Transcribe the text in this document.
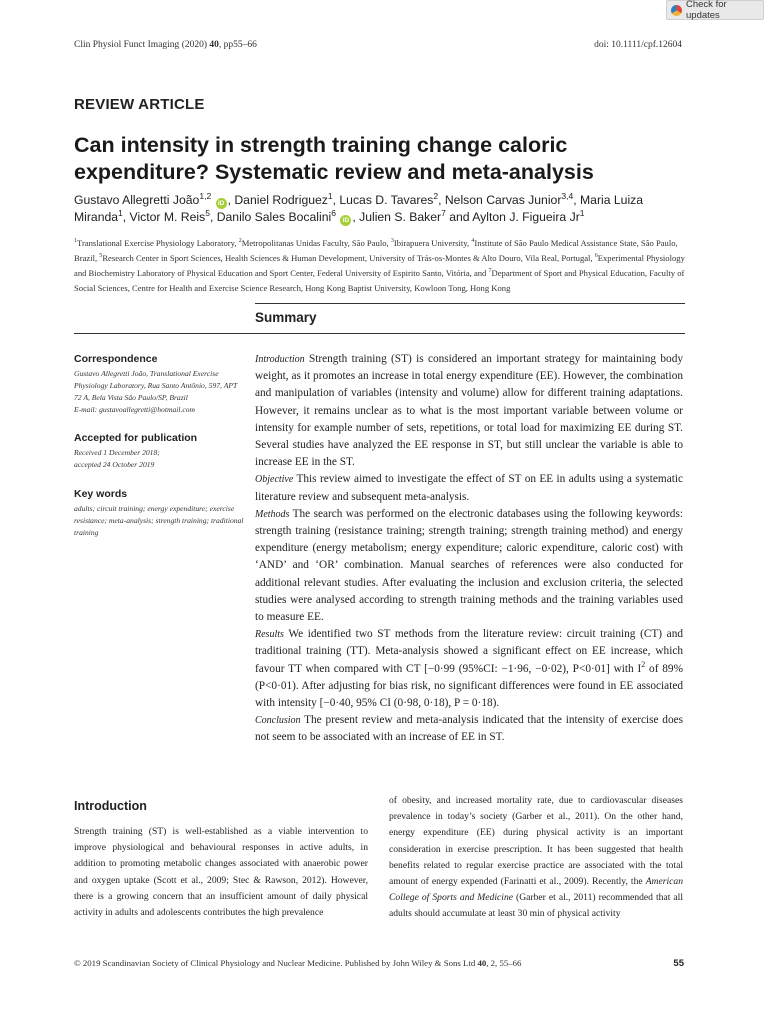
Check for updates
Clin Physiol Funct Imaging (2020) 40, pp55–66	doi: 10.1111/cpf.12604
REVIEW ARTICLE
Can intensity in strength training change caloric expenditure? Systematic review and meta-analysis
Gustavo Allegretti João$^{1,2}$ iD , Daniel Rodriguez$^1$, Lucas D. Tavares$^2$, Nelson Carvas Junior$^{3,4}$, Maria Luiza Miranda$^1$, Victor M. Reis$^5$, Danilo Sales Bocalini$^6$ iD , Julien S. Baker$^7$ and Aylton J. Figueira Jr$^1$
$^1$Translational Exercise Physiology Laboratory, $^2$Metropolitanas Unidas Faculty, São Paulo, $^3$Ibirapuera University, $^4$Institute of São Paulo Medical Assistance State, São Paulo, Brazil, $^5$Research Center in Sport Sciences, Health Sciences & Human Development, University of Trás-os-Montes & Alto Douro, Vila Real, Portugal, $^6$Experimental Physiology and Biochemistry Laboratory of Physical Education and Sport Center, Federal University of Espirito Santo, Vitória, and $^7$Department of Sport and Physical Education, Faculty of Social Sciences, Centre for Health and Exercise Science Research, Hong Kong Baptist University, Kowloon Tong, Hong Kong
Summary
Correspondence
Gustavo Allegretti João, Translational Exercise Physiology Laboratory, Rua Santo Antônio, 597, APT 72 A, Bela Vista São Paulo/SP, Brazil
E-mail: gustavoallegretti@hotmail.com
Accepted for publication
Received 1 December 2018;
accepted 24 October 2019
Key words
adults; circuit training; energy expenditure; exercise resistance; meta-analysis; strength training; traditional training

Introduction Strength training (ST) is considered an important strategy for maintaining body weight, as it promotes an increase in total energy expenditure (EE). However, the combination and manipulation of variables (intensity and volume) allow for different training adaptations. However, it remains unclear as to what is the most important variable between volume or intensity for example number of sets, repetitions, or total load for maximizing EE during ST. Several studies have analyzed the EE response in ST, but still unclear the variable is able to increase EE in the ST.

Objective This review aimed to investigate the effect of ST on EE in adults using a systematic literature review and subsequent meta-analysis.

Methods The search was performed on the electronic databases using the following keywords: strength training (resistance training; strength training; strength training method) and energy expenditure (energy metabolism; energy expenditure; caloric expenditure, caloric cost) with ‘AND’ and ‘OR’ combination. Manual searches of references were also conducted for additional relevant studies. After evaluating the inclusion and exclusion criteria, the selected studies were analysed according to strength training methods and the training variables used to measure EE.

Results We identified two ST methods from the literature review: circuit training (CT) and traditional training (TT). Meta-analysis showed a significant effect on EE increase, which favour TT when compared with CT [−0·99 (95%CI: −1·96, −0·02), P<0·01] with $I^2$ of 89% (P<0·01). After adjusting for bias risk, no significant differences were found in EE associated with intensity [−0·40, 95% CI (0·98, 0·18), P = 0·18).

Conclusion The present review and meta-analysis indicated that the intensity of exercise does not seem to be associated with an increase of EE in ST.

Introduction
Strength training (ST) is well-established as a viable intervention to improve physiological and behavioural responses in active adults, in addition to promoting metabolic changes associated with anaerobic power and oxygen uptake (Scott et al., 2009; Stec & Rawson, 2012). However, there is a growing concern that an insufficient amount of daily physical activity in adults and adolescents contributes the high prevalence
of obesity, and increased mortality rate, due to cardiovascular diseases prevalence in today’s society (Garber et al., 2011). On the other hand, energy expenditure (EE) during physical activity is an important consideration in exercise prescription. It has been suggested that health benefits related to regular exercise practice are associated with the total amount of energy expended (Farinatti et al., 2009). Recently, the American College of Sports and Medicine (Garber et al., 2011) recommended that all adults should accumulate at least 30 min of physical activity
© 2019 Scandinavian Society of Clinical Physiology and Nuclear Medicine. Published by John Wiley & Sons Ltd 40, 2, 55–66	55
